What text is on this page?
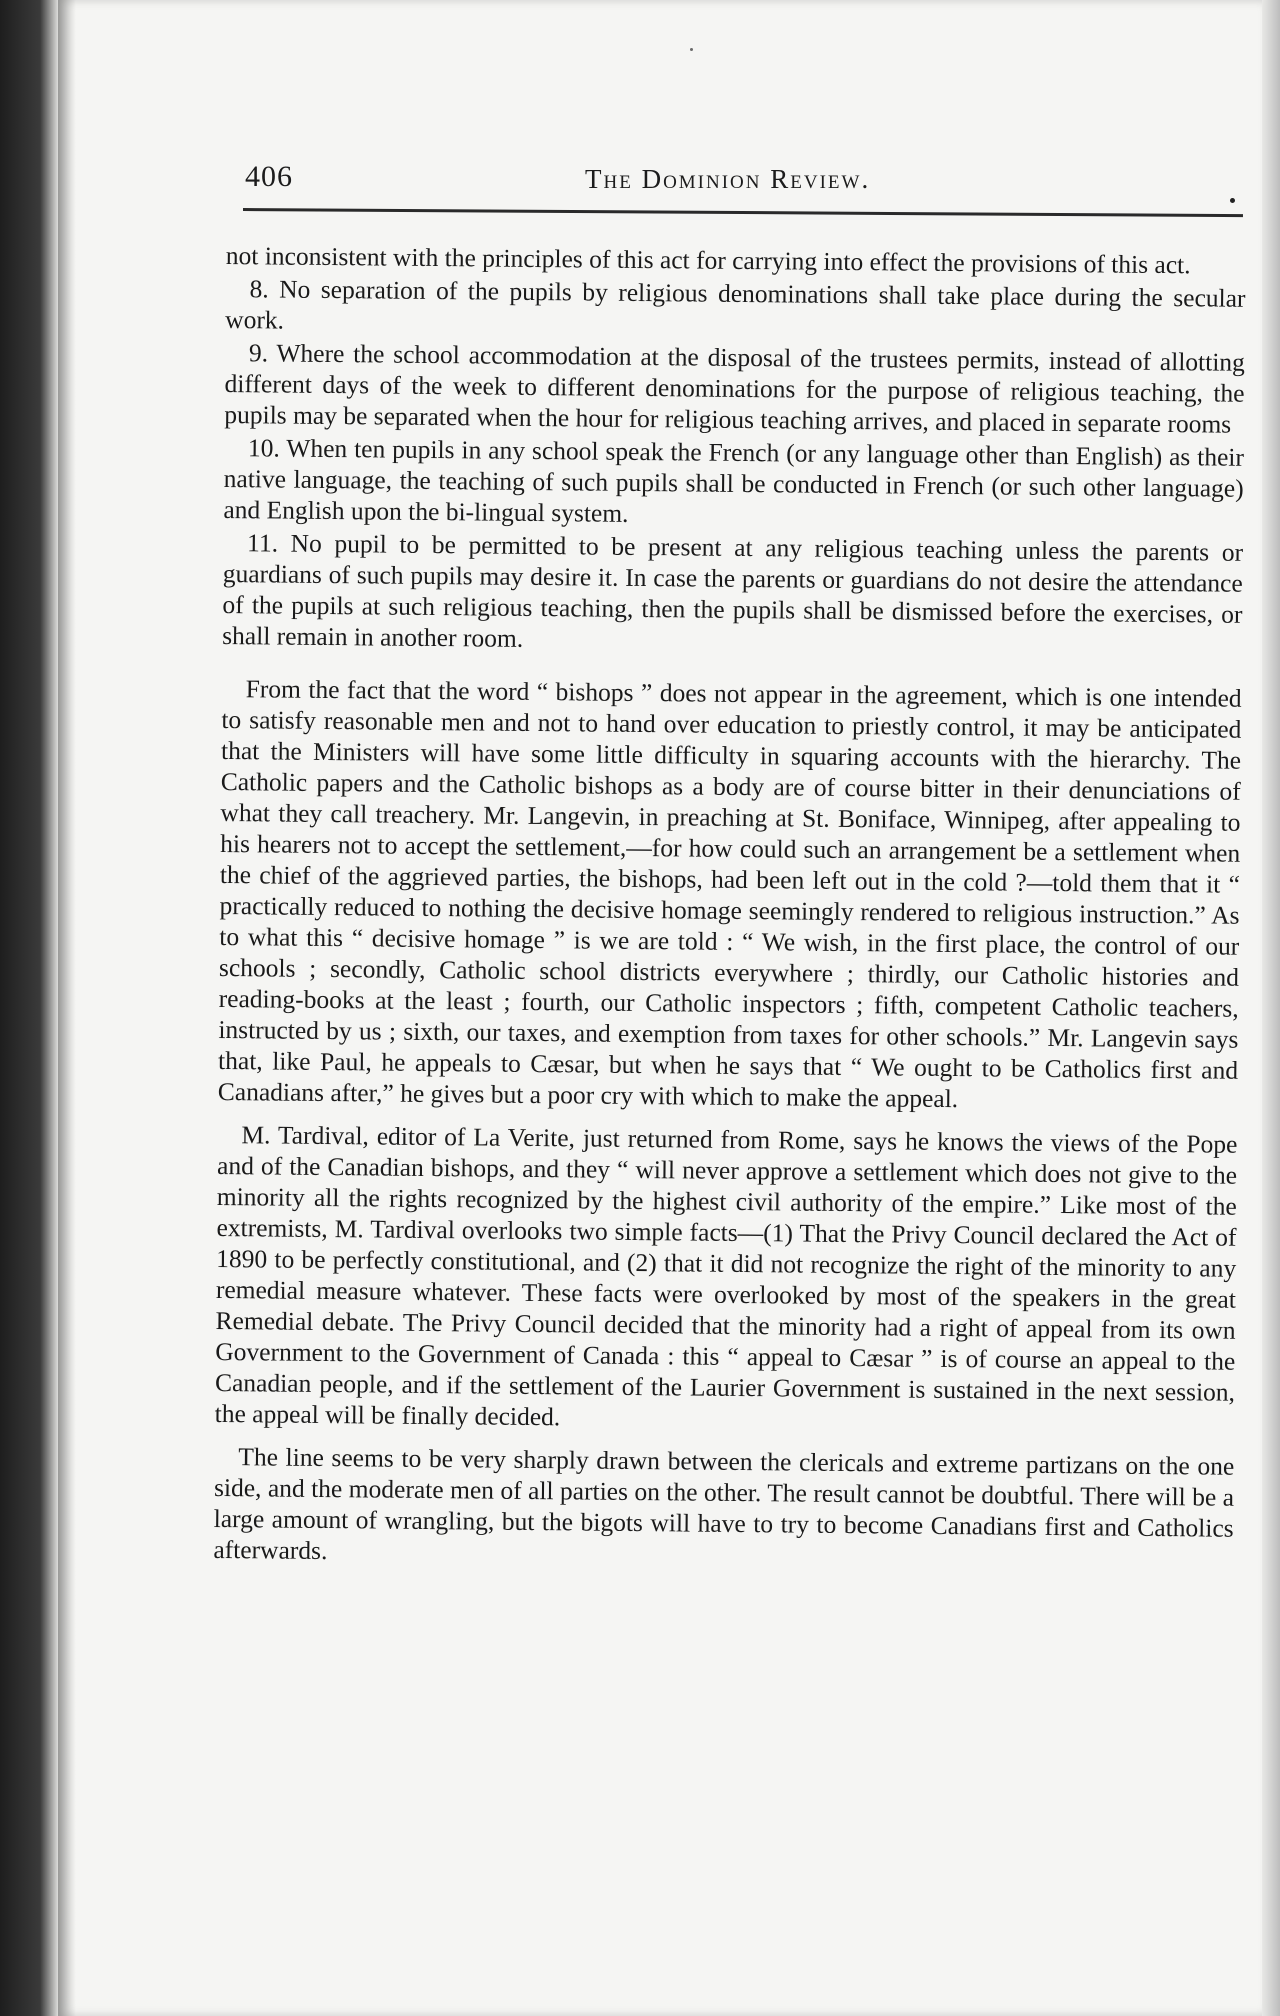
406	The Dominion Review.

not inconsistent with the principles of this act for carrying into effect the provisions of this act.

8. No separation of the pupils by religious denominations shall take place during the secular work.

9. Where the school accommodation at the disposal of the trustees permits, instead of allotting different days of the week to different denominations for the purpose of religious teaching, the pupils may be separated when the hour for religious teaching arrives, and placed in separate rooms

10. When ten pupils in any school speak the French (or any language other than English) as their native language, the teaching of such pupils shall be conducted in French (or such other language) and English upon the bi-lingual system.

11. No pupil to be permitted to be present at any religious teaching unless the parents or guardians of such pupils may desire it. In case the parents or guardians do not desire the attendance of the pupils at such religious teaching, then the pupils shall be dismissed before the exercises, or shall remain in another room.

From the fact that the word “ bishops ” does not appear in the agreement, which is one intended to satisfy reasonable men and not to hand over education to priestly control, it may be anticipated that the Ministers will have some little difficulty in squaring accounts with the hierarchy. The Catholic papers and the Catholic bishops as a body are of course bitter in their denunciations of what they call treachery. Mr. Langevin, in preaching at St. Boniface, Winnipeg, after appealing to his hearers not to accept the settlement,—for how could such an arrangement be a settlement when the chief of the aggrieved parties, the bishops, had been left out in the cold ?—told them that it “ practically reduced to nothing the decisive homage seemingly rendered to religious instruction.” As to what this “ decisive homage ” is we are told : “ We wish, in the first place, the control of our schools ; secondly, Catholic school districts everywhere ; thirdly, our Catholic histories and reading-books at the least ; fourth, our Catholic inspectors ; fifth, competent Catholic teachers, instructed by us ; sixth, our taxes, and exemption from taxes for other schools.” Mr. Langevin says that, like Paul, he appeals to Cæsar, but when he says that “ We ought to be Catholics first and Canadians after,” he gives but a poor cry with which to make the appeal.

M. Tardival, editor of La Verite, just returned from Rome, says he knows the views of the Pope and of the Canadian bishops, and they “ will never approve a settlement which does not give to the minority all the rights recognized by the highest civil authority of the empire.” Like most of the extremists, M. Tardival overlooks two simple facts—(1) That the Privy Council declared the Act of 1890 to be perfectly constitutional, and (2) that it did not recognize the right of the minority to any remedial measure whatever. These facts were overlooked by most of the speakers in the great Remedial debate. The Privy Council decided that the minority had a right of appeal from its own Government to the Government of Canada : this “ appeal to Cæsar ” is of course an appeal to the Canadian people, and if the settlement of the Laurier Government is sustained in the next session, the appeal will be finally decided.

The line seems to be very sharply drawn between the clericals and extreme partizans on the one side, and the moderate men of all parties on the other. The result cannot be doubtful. There will be a large amount of wrangling, but the bigots will have to try to become Canadians first and Catholics afterwards.
